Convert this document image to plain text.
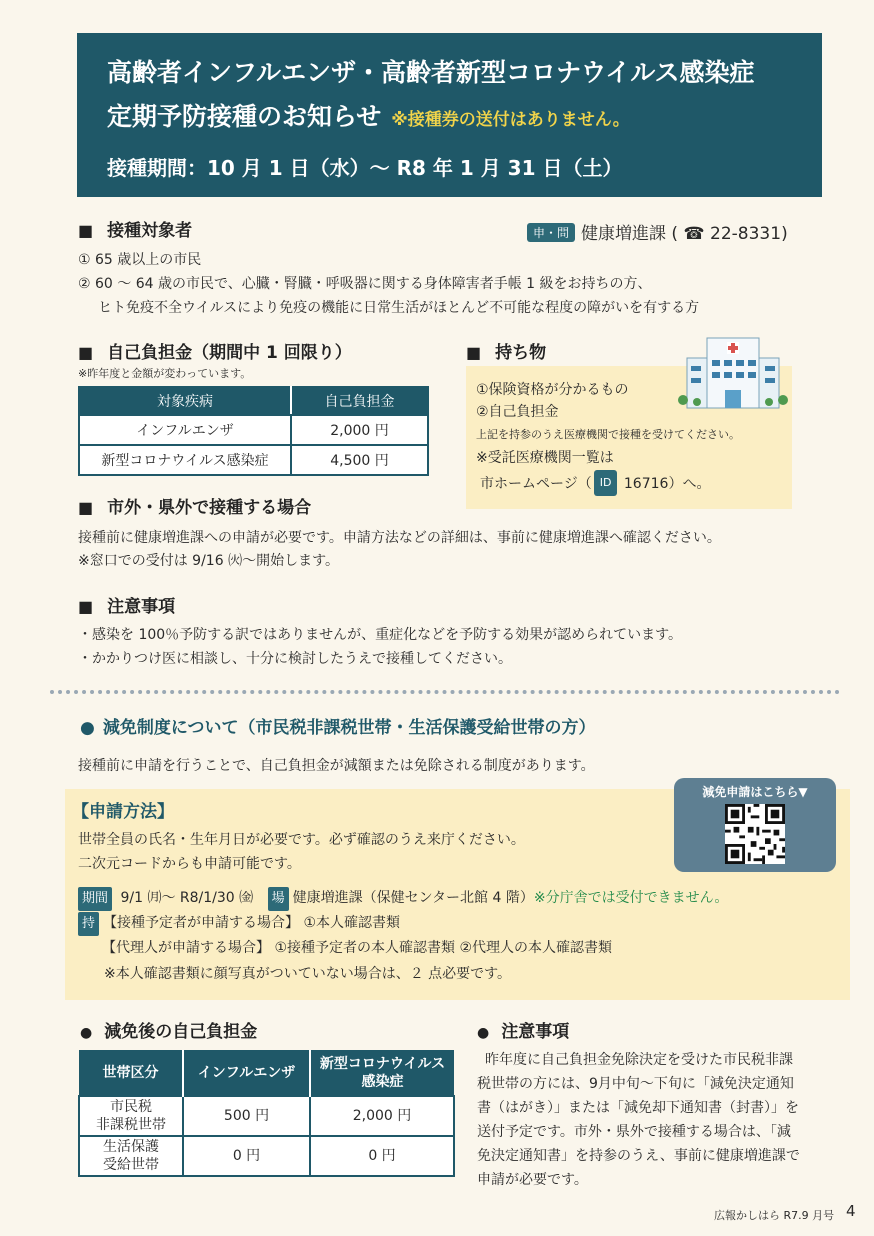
高齢者インフルエンザ・高齢者新型コロナウイルス感染症
定期予防接種のお知らせ ※接種券の送付はありません。
接種期間：10 月 1 日（水）～ R8 年 1 月 31 日（土）
■ 接種対象者	申・問 健康増進課 ( ☎ 22-8331)
① 65 歳以上の市民
② 60 ～ 64 歳の市民で、心臓・腎臓・呼吸器に関する身体障害者手帳 1 級をお持ちの方、
ヒト免疫不全ウイルスにより免疫の機能に日常生活がほとんど不可能な程度の障がいを有する方
■ 自己負担金（期間中 1 回限り）
※昨年度と金額が変わっています。
対象疾病	自己負担金
インフルエンザ	2,000 円
新型コロナウイルス感染症	4,500 円
■ 持ち物
①保険資格が分かるもの
②自己負担金
上記を持参のうえ医療機関で接種を受けてください。
※受託医療機関一覧は
市ホームページ（ ID 16716）へ。
■ 市外・県外で接種する場合
接種前に健康増進課への申請が必要です。申請方法などの詳細は、事前に健康増進課へ確認ください。
※窓口での受付は 9/16 ㈫～開始します。
■ 注意事項
・感染を 100％予防する訳ではありませんが、重症化などを予防する効果が認められています。
・かかりつけ医に相談し、十分に検討したうえで接種してください。
● 減免制度について（市民税非課税世帯・生活保護受給世帯の方）
接種前に申請を行うことで、自己負担金が減額または免除される制度があります。
【申請方法】
世帯全員の氏名・生年月日が必要です。必ず確認のうえ来庁ください。
二次元コードからも申請可能です。
減免申請はこちら▼
期間 9/1 ㈪～ R8/1/30 ㈮ 場 健康増進課（保健センター北館 4 階）※分庁舎では受付できません。
持 【接種予定者が申請する場合】 ①本人確認書類
【代理人が申請する場合】 ①接種予定者の本人確認書類 ②代理人の本人確認書類
※本人確認書類に顔写真がついていない場合は、２ 点必要です。
● 減免後の自己負担金
世帯区分	インフルエンザ	新型コロナウイルス感染症
市民税
非課税世帯	500 円	2,000 円
生活保護
受給世帯	0 円	0 円
● 注意事項
昨年度に自己負担金免除決定を受けた市民税非課
税世帯の方には、9月中旬～下旬に「減免決定通知
書（はがき）」または「減免却下通知書（封書）」を
送付予定です。市外・県外で接種する場合は、「減
免決定通知書」を持参のうえ、事前に健康増進課で
申請が必要です。
広報かしはら R7.9 月号 4
